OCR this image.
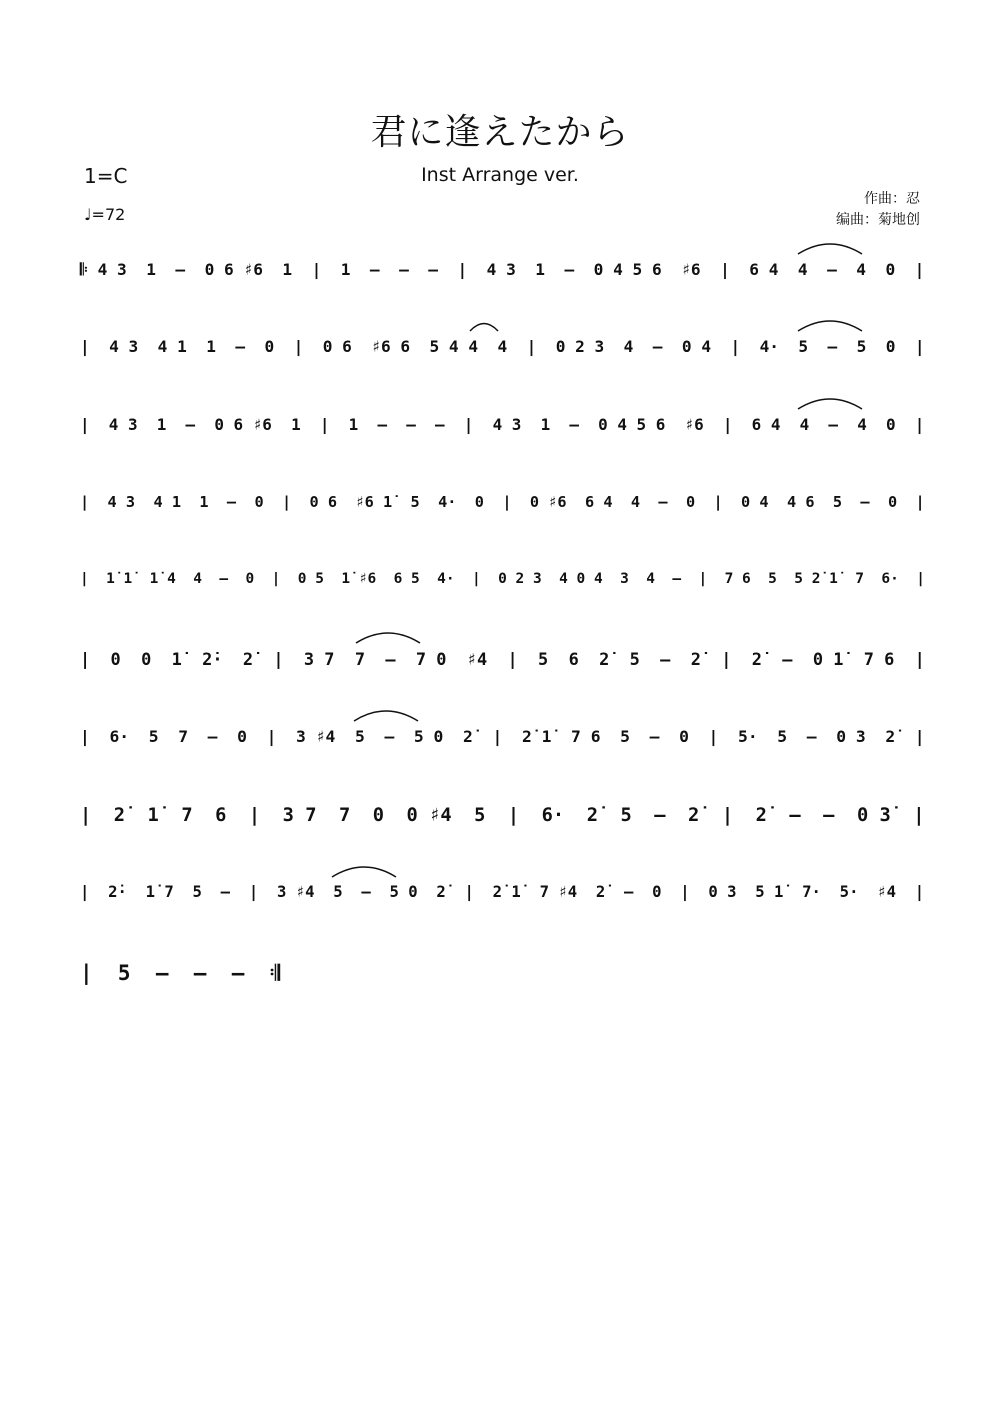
君に逢えたから
Inst Arrange ver.
1=C
♩=72
作曲：忍
编曲：菊地创

𝄆 4 3  1  –  0 6 ♯6  1  |  1  –  –  –  |  4 3  1  –  0 4 5 6  ♯6  |  6 4  4  –  4  0  |

|  4 3  4 1  1  –  0  |  0 6  ♯6 6  5 4 4  4  |  0 2 3  4  –  0 4  |  4·  5  –  5  0  |

|  4 3  1  –  0 6 ♯6  1  |  1  –  –  –  |  4 3  1  –  0 4 5 6  ♯6  |  6 4  4  –  4  0  |

|  4 3  4 1  1  –  0  |  0 6  ♯6 1̇  5  4·  0  |  0 ♯6  6 4  4  –  0  |  0 4  4 6  5  –  0  |

|  1̇ 1̇  1̇ 4  4  –  0  |  0 5  1̇ ♯6  6 5  4·  |  0 2 3  4 0 4  3  4  –  |  7 6  5  5 2̇ 1̇  7  6·  |

|  0  0  1̇  2̇·  2̇  |  3 7  7  –  7 0  ♯4  |  5  6  2̇  5  –  2̇  |  2̇  –  0 1̇  7 6  |

|  6·  5  7  –  0  |  3 ♯4  5  –  5 0  2̇  |  2̇ 1̇  7 6  5  –  0  |  5·  5  –  0 3  2̇  |

|  2̇  1̇  7  6  |  3 7  7  0  0 ♯4  5  |  6·  2̇  5  –  2̇  |  2̇  –  –  0 3̇  |

|  2̇·  1̇ 7  5  –  |  3 ♯4  5  –  5 0  2̇  |  2̇ 1̇  7 ♯4  2̇  –  0  |  0 3  5 1̇  7·  5·  ♯4  |

|  5  –  –  –  𝄇
